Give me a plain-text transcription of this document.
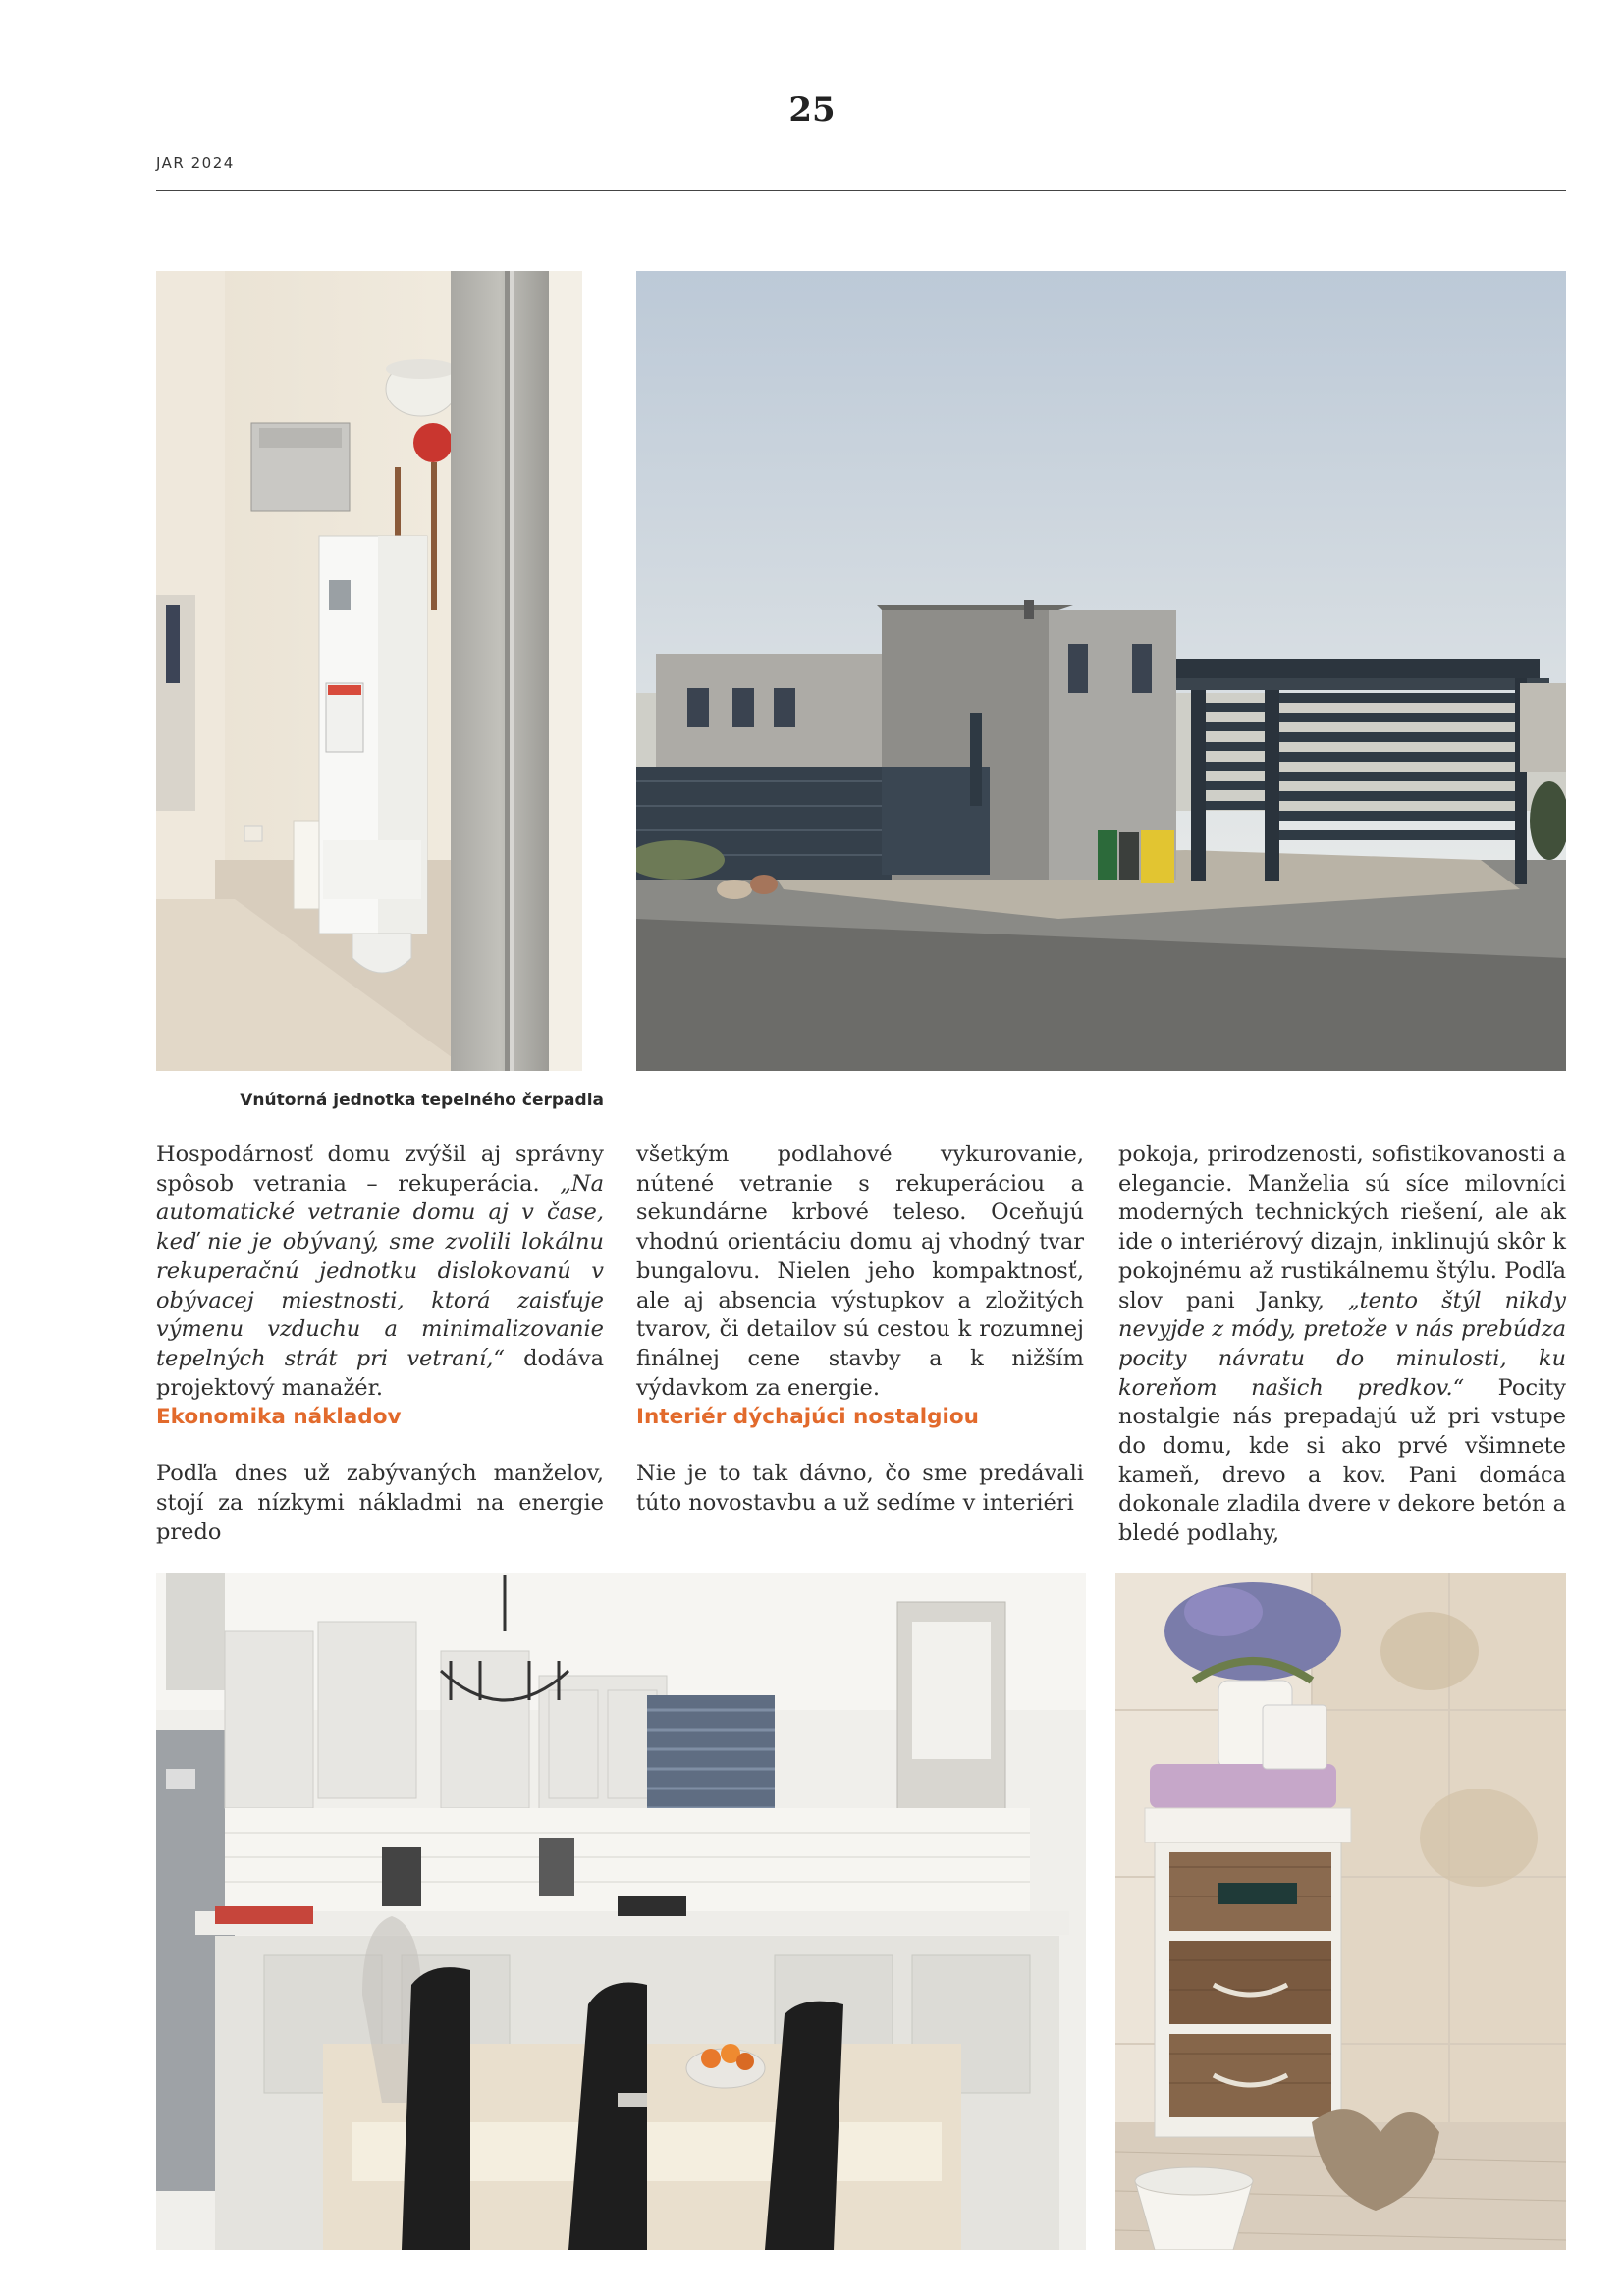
25
JAR 2024
Vnútorná jednotka tepelného čerpadla

Hospodárnosť domu zvýšil aj správny spôsob vetrania – rekuperácia. „Na automatické vetranie domu aj v čase, keď nie je obývaný, sme zvolili lokálnu rekuperačnú jednotku dislokovanú v obývacej miestnosti, ktorá zaisťuje výmenu vzduchu a minimalizovanie tepelných strát pri vetraní,“ dodáva projektový manažér.

Ekonomika nákladov

Podľa dnes už zabývaných manželov, stojí za nízkymi nákladmi na energie predo

všetkým podlahové vykurovanie, nútené vetranie s rekuperáciou a sekundárne krbové teleso. Oceňujú vhodnú orientáciu domu aj vhodný tvar bungalovu. Nielen jeho kompaktnosť, ale aj absencia výstupkov a zložitých tvarov, či detailov sú cestou k rozumnej finálnej cene stavby a k nižším výdavkom za energie.

Interiér dýchajúci nostalgiou

Nie je to tak dávno, čo sme predávali túto novostavbu a už sedíme v interiéri

pokoja, prirodzenosti, sofistikovanosti a elegancie. Manželia sú síce milovníci moderných technických riešení, ale ak ide o interiérový dizajn, inklinujú skôr k pokojnému až rustikálnemu štýlu. Podľa slov pani Janky, „tento štýl nikdy nevyjde z módy, pretože v nás prebúdza pocity návratu do minulosti, ku koreňom našich predkov.“ Pocity nostalgie nás prepadajú už pri vstupe do domu, kde si ako prvé všimnete kameň, drevo a kov. Pani domáca dokonale zladila dvere v dekore betón a bledé podlahy,
